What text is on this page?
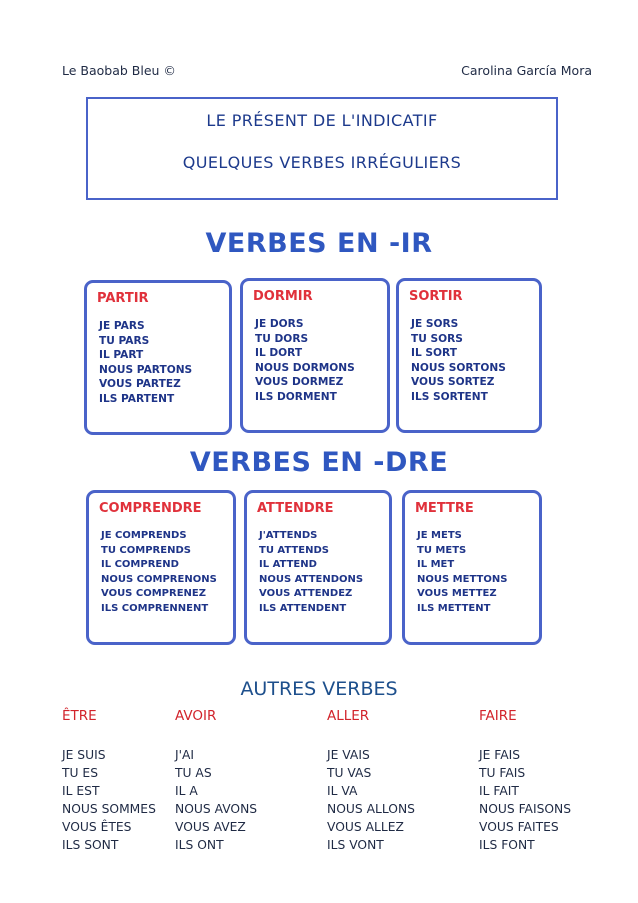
Le Baobab Bleu ©	Carolina García Mora
LE PRÉSENT DE L'INDICATIF
QUELQUES VERBES IRRÉGULIERS
VERBES EN -IR
PARTIR
JE PARS
TU PARS
IL PART
NOUS PARTONS
VOUS PARTEZ
ILS PARTENT
DORMIR
JE DORS
TU DORS
IL DORT
NOUS DORMONS
VOUS DORMEZ
ILS DORMENT
SORTIR
JE SORS
TU SORS
IL SORT
NOUS SORTONS
VOUS SORTEZ
ILS SORTENT
VERBES EN -DRE
COMPRENDRE
JE COMPRENDS
TU COMPRENDS
IL COMPREND
NOUS COMPRENONS
VOUS COMPRENEZ
ILS COMPRENNENT
ATTENDRE
J'ATTENDS
TU ATTENDS
IL ATTEND
NOUS ATTENDONS
VOUS ATTENDEZ
ILS ATTENDENT
METTRE
JE METS
TU METS
IL MET
NOUS METTONS
VOUS METTEZ
ILS METTENT
AUTRES VERBES
ÊTRE
JE SUIS
TU ES
IL EST
NOUS SOMMES
VOUS ÊTES
ILS SONT
AVOIR
J'AI
TU AS
IL A
NOUS AVONS
VOUS AVEZ
ILS ONT
ALLER
JE VAIS
TU VAS
IL VA
NOUS ALLONS
VOUS ALLEZ
ILS VONT
FAIRE
JE FAIS
TU FAIS
IL FAIT
NOUS FAISONS
VOUS FAITES
ILS FONT
